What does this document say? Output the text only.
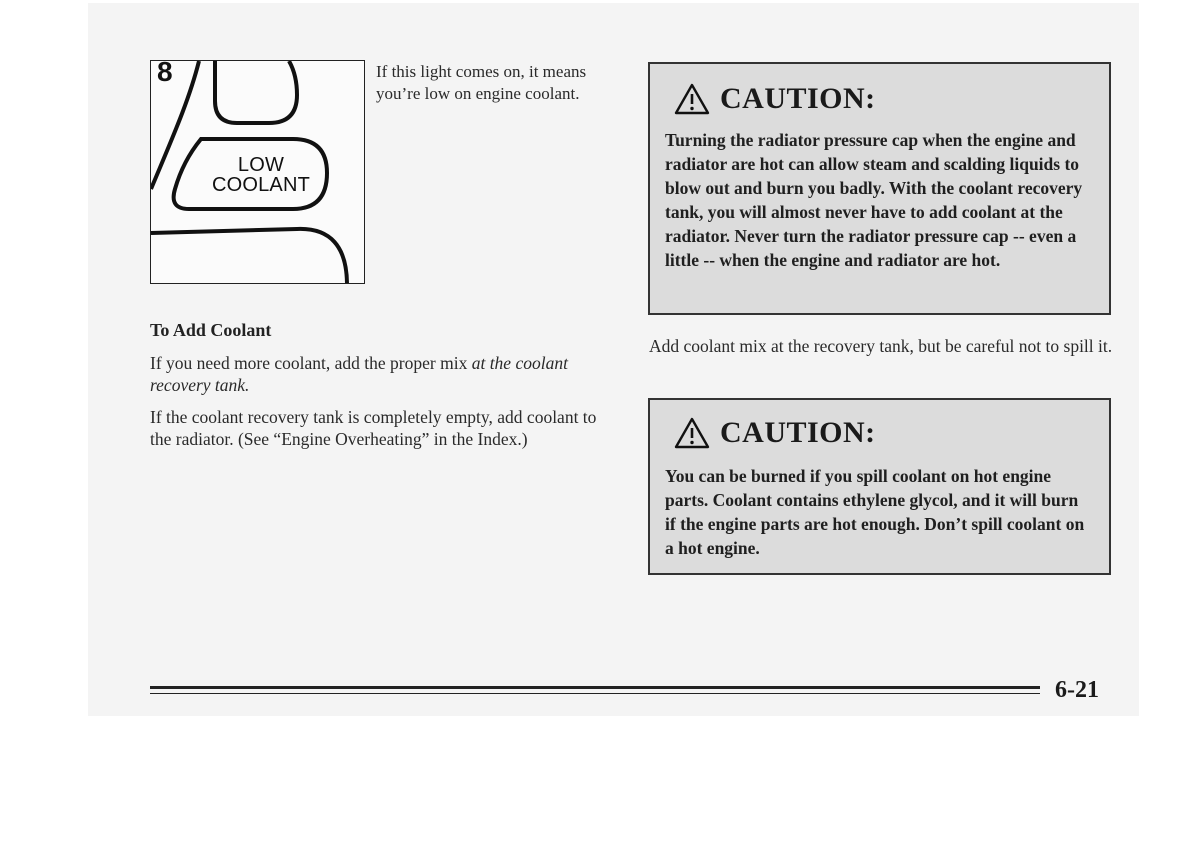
8
LOW
COOLANT
If this light comes on, it means you’re low on engine coolant.
To Add Coolant
If you need more coolant, add the proper mix at the coolant recovery tank.
If the coolant recovery tank is completely empty, add coolant to the radiator. (See “Engine Overheating” in the Index.)
CAUTION:
Turning the radiator pressure cap when the engine and radiator are hot can allow steam and scalding liquids to blow out and burn you badly. With the coolant recovery tank, you will almost never have to add coolant at the radiator. Never turn the radiator pressure cap -- even a little -- when the engine and radiator are hot.
Add coolant mix at the recovery tank, but be careful not to spill it.
CAUTION:
You can be burned if you spill coolant on hot engine parts. Coolant contains ethylene glycol, and it will burn if the engine parts are hot enough. Don’t spill coolant on a hot engine.
6-21
